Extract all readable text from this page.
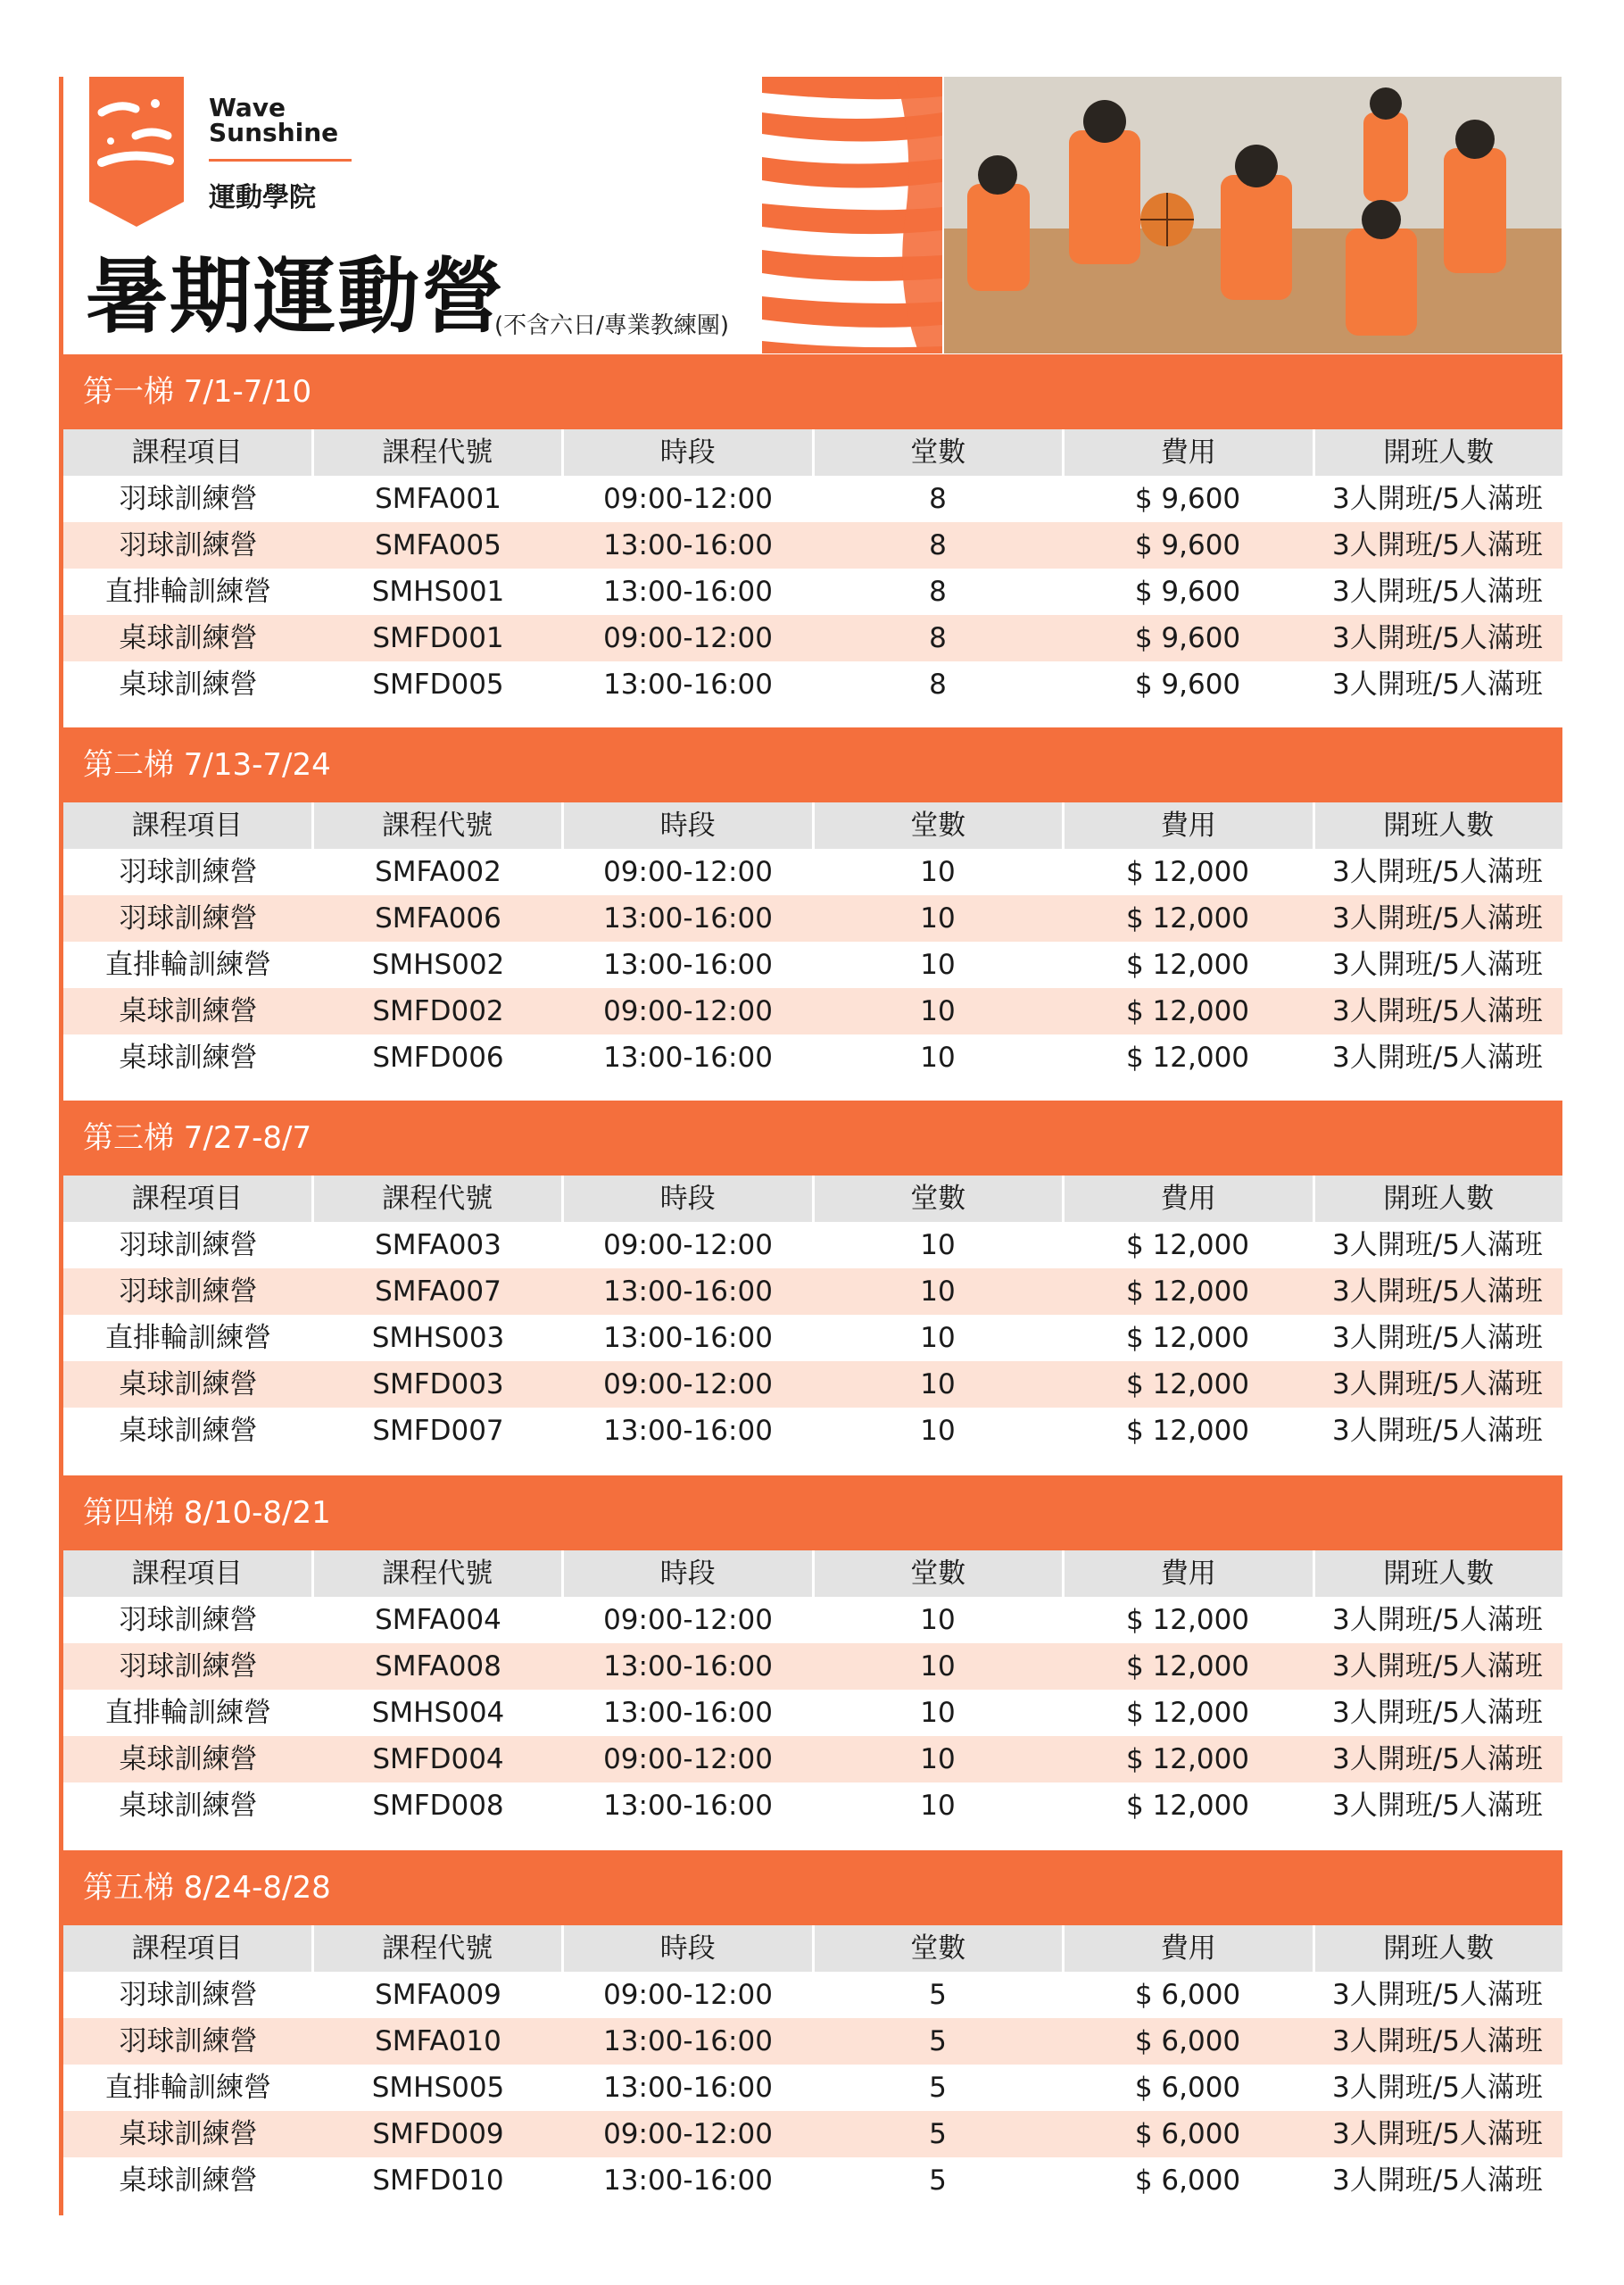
Wave
Sunshine
運動學院
暑期運動營
(不含六日/專業教練團)
第一梯 7/1-7/10
課程項目	課程代號	時段	堂數	費用	開班人數
羽球訓練營	SMFA001	09:00-12:00	8	$ 9,600	3人開班/5人滿班
羽球訓練營	SMFA005	13:00-16:00	8	$ 9,600	3人開班/5人滿班
直排輪訓練營	SMHS001	13:00-16:00	8	$ 9,600	3人開班/5人滿班
桌球訓練營	SMFD001	09:00-12:00	8	$ 9,600	3人開班/5人滿班
桌球訓練營	SMFD005	13:00-16:00	8	$ 9,600	3人開班/5人滿班
第二梯 7/13-7/24
課程項目	課程代號	時段	堂數	費用	開班人數
羽球訓練營	SMFA002	09:00-12:00	10	$ 12,000	3人開班/5人滿班
羽球訓練營	SMFA006	13:00-16:00	10	$ 12,000	3人開班/5人滿班
直排輪訓練營	SMHS002	13:00-16:00	10	$ 12,000	3人開班/5人滿班
桌球訓練營	SMFD002	09:00-12:00	10	$ 12,000	3人開班/5人滿班
桌球訓練營	SMFD006	13:00-16:00	10	$ 12,000	3人開班/5人滿班
第三梯 7/27-8/7
課程項目	課程代號	時段	堂數	費用	開班人數
羽球訓練營	SMFA003	09:00-12:00	10	$ 12,000	3人開班/5人滿班
羽球訓練營	SMFA007	13:00-16:00	10	$ 12,000	3人開班/5人滿班
直排輪訓練營	SMHS003	13:00-16:00	10	$ 12,000	3人開班/5人滿班
桌球訓練營	SMFD003	09:00-12:00	10	$ 12,000	3人開班/5人滿班
桌球訓練營	SMFD007	13:00-16:00	10	$ 12,000	3人開班/5人滿班
第四梯 8/10-8/21
課程項目	課程代號	時段	堂數	費用	開班人數
羽球訓練營	SMFA004	09:00-12:00	10	$ 12,000	3人開班/5人滿班
羽球訓練營	SMFA008	13:00-16:00	10	$ 12,000	3人開班/5人滿班
直排輪訓練營	SMHS004	13:00-16:00	10	$ 12,000	3人開班/5人滿班
桌球訓練營	SMFD004	09:00-12:00	10	$ 12,000	3人開班/5人滿班
桌球訓練營	SMFD008	13:00-16:00	10	$ 12,000	3人開班/5人滿班
第五梯 8/24-8/28
課程項目	課程代號	時段	堂數	費用	開班人數
羽球訓練營	SMFA009	09:00-12:00	5	$ 6,000	3人開班/5人滿班
羽球訓練營	SMFA010	13:00-16:00	5	$ 6,000	3人開班/5人滿班
直排輪訓練營	SMHS005	13:00-16:00	5	$ 6,000	3人開班/5人滿班
桌球訓練營	SMFD009	09:00-12:00	5	$ 6,000	3人開班/5人滿班
桌球訓練營	SMFD010	13:00-16:00	5	$ 6,000	3人開班/5人滿班
